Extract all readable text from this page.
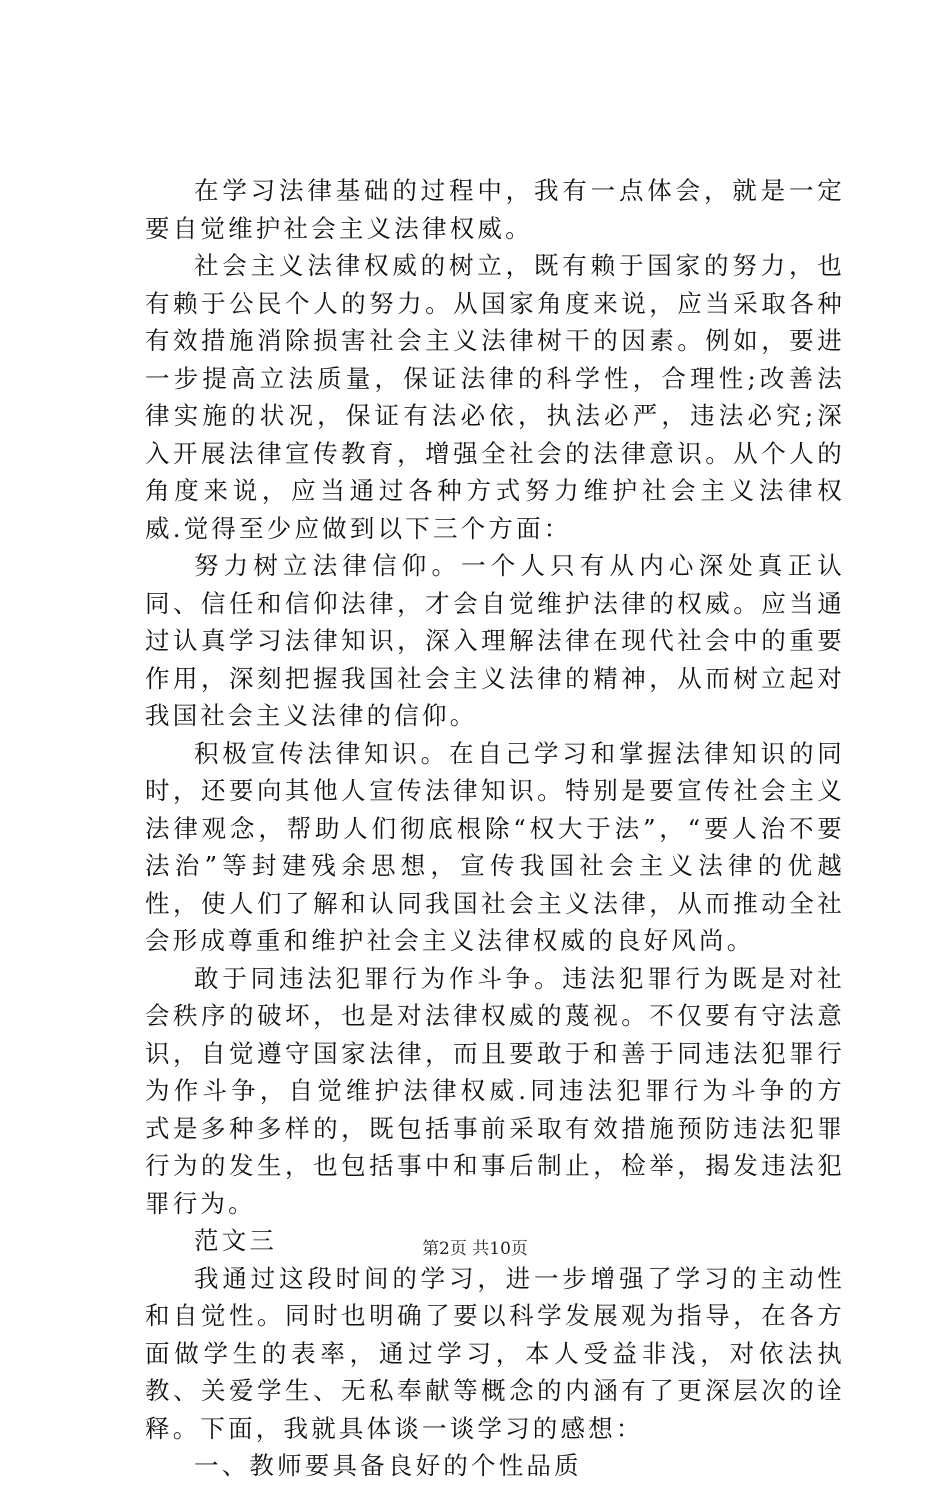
在学习法律基础的过程中，我有一点体会，就是一定要自觉维护社会主义法律权威。

社会主义法律权威的树立，既有赖于国家的努力，也有赖于公民个人的努力。从国家角度来说，应当采取各种有效措施消除损害社会主义法律树干的因素。例如，要进一步提高立法质量，保证法律的科学性，合理性;改善法律实施的状况，保证有法必依，执法必严，违法必究;深入开展法律宣传教育，增强全社会的法律意识。从个人的角度来说，应当通过各种方式努力维护社会主义法律权威.觉得至少应做到以下三个方面：

努力树立法律信仰。一个人只有从内心深处真正认同、信任和信仰法律，才会自觉维护法律的权威。应当通过认真学习法律知识，深入理解法律在现代社会中的重要作用，深刻把握我国社会主义法律的精神，从而树立起对我国社会主义法律的信仰。

积极宣传法律知识。在自己学习和掌握法律知识的同时，还要向其他人宣传法律知识。特别是要宣传社会主义法律观念，帮助人们彻底根除“权大于法”，“要人治不要法治”等封建残余思想，宣传我国社会主义法律的优越性，使人们了解和认同我国社会主义法律，从而推动全社会形成尊重和维护社会主义法律权威的良好风尚。

敢于同违法犯罪行为作斗争。违法犯罪行为既是对社会秩序的破坏，也是对法律权威的蔑视。不仅要有守法意识，自觉遵守国家法律，而且要敢于和善于同违法犯罪行为作斗争，自觉维护法律权威.同违法犯罪行为斗争的方式是多种多样的，既包括事前采取有效措施预防违法犯罪行为的发生，也包括事中和事后制止，检举，揭发违法犯罪行为。

范文三

我通过这段时间的学习，进一步增强了学习的主动性和自觉性。同时也明确了要以科学发展观为指导，在各方面做学生的表率，通过学习，本人受益非浅，对依法执教、关爱学生、无私奉献等概念的内涵有了更深层次的诠释。下面，我就具体谈一谈学习的感想：

一、教师要具备良好的个性品质

第2页 共10页
